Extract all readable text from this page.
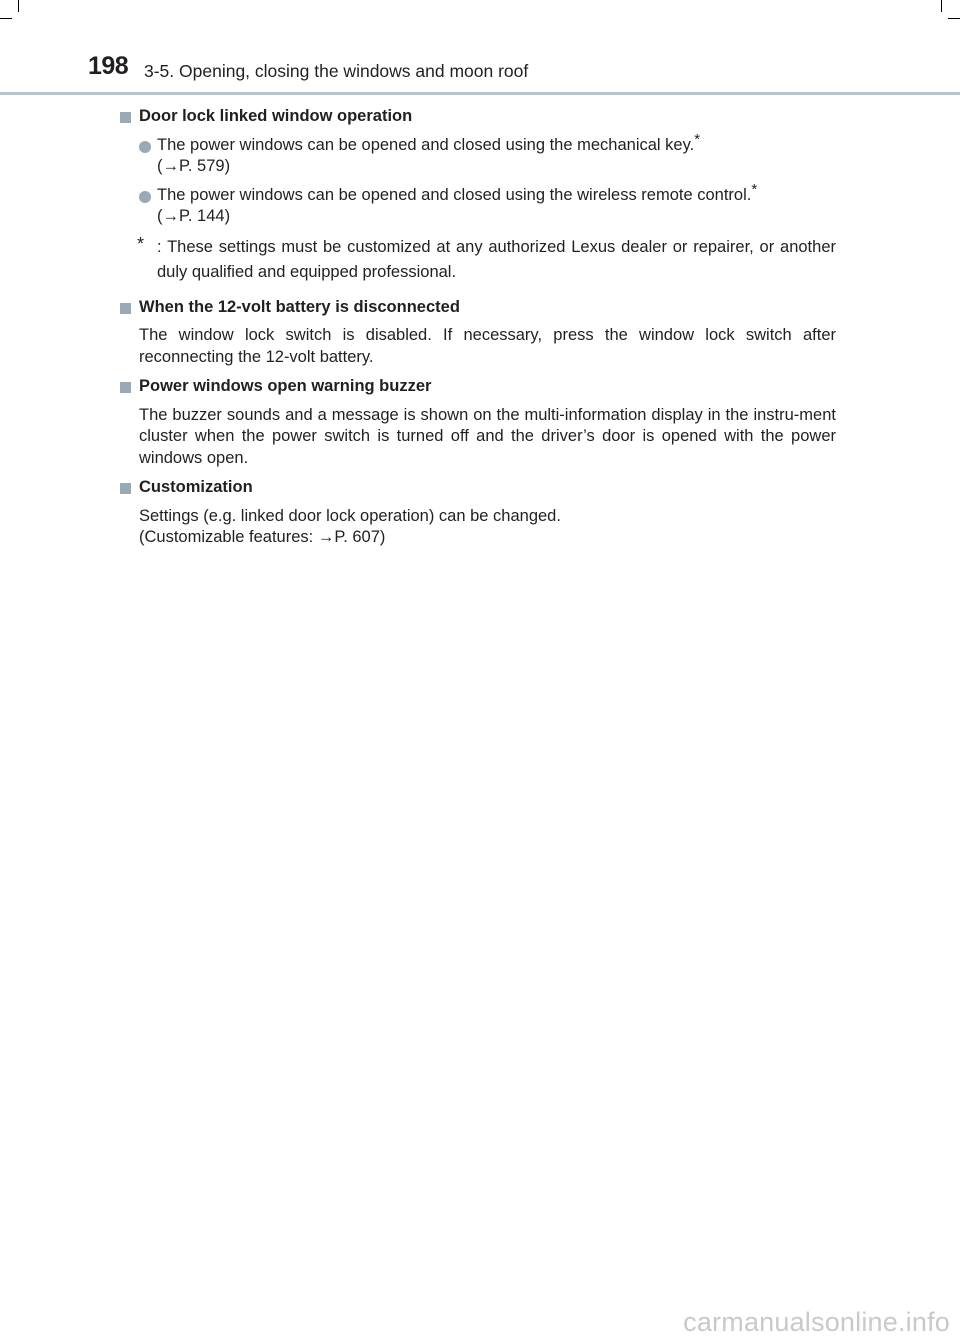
198 3-5. Opening, closing the windows and moon roof
Door lock linked window operation
The power windows can be opened and closed using the mechanical key.*
(→P. 579)
The power windows can be opened and closed using the wireless remote control.*
(→P. 144)
* : These settings must be customized at any authorized Lexus dealer or repairer, or another duly qualified and equipped professional.
When the 12-volt battery is disconnected
The window lock switch is disabled. If necessary, press the window lock switch after reconnecting the 12-volt battery.
Power windows open warning buzzer
The buzzer sounds and a message is shown on the multi-information display in the instru-ment cluster when the power switch is turned off and the driver’s door is opened with the power windows open.
Customization
Settings (e.g. linked door lock operation) can be changed.
(Customizable features: →P. 607)
carmanualsonline.info
